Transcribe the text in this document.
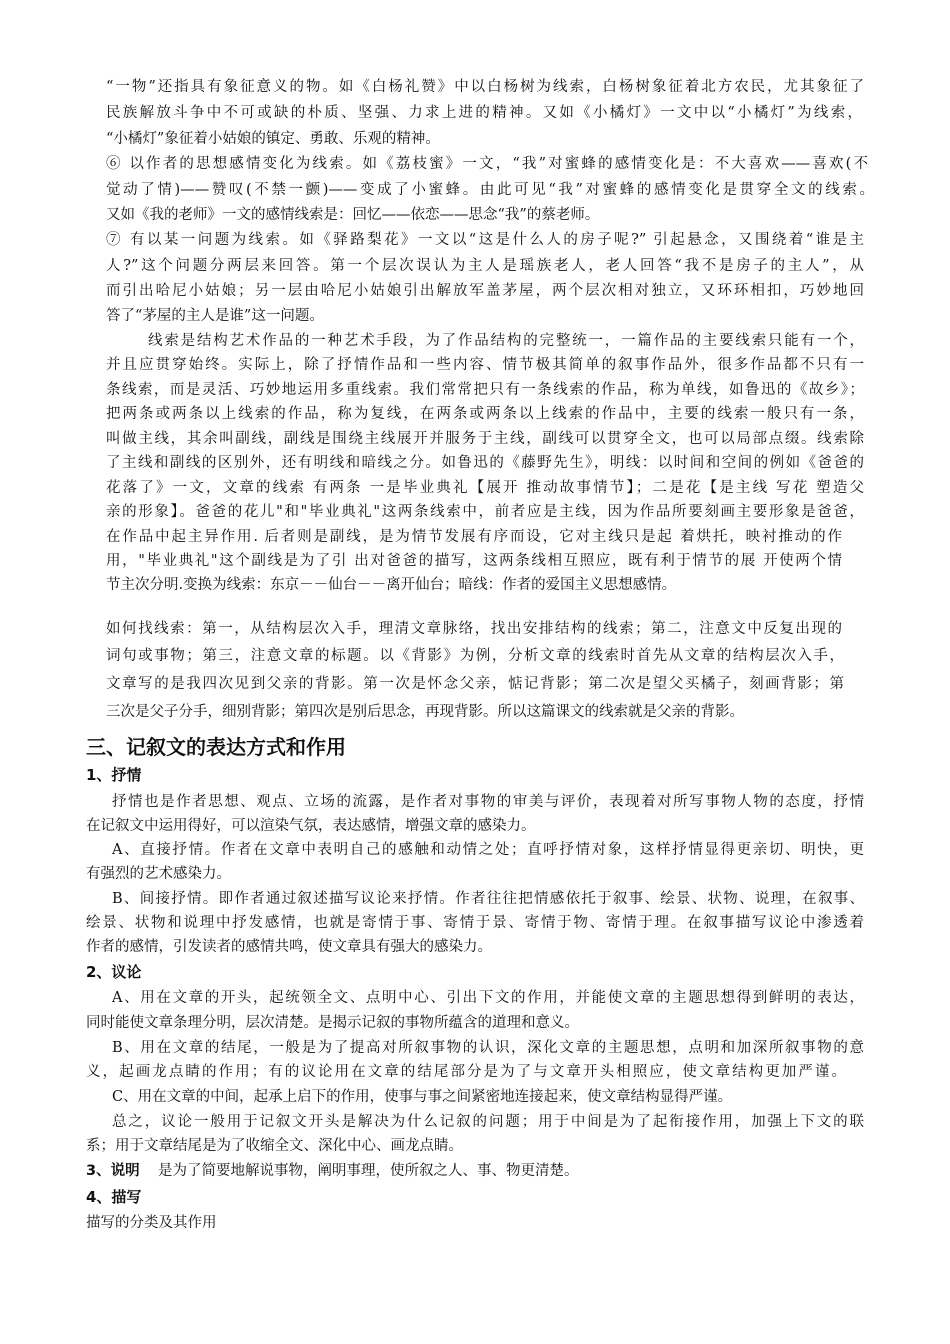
“一物”还指具有象征意义的物。如《白杨礼赞》中以白杨树为线索，白杨树象征着北方农民，尤其象征了
民族解放斗争中不可或缺的朴质、坚强、力求上进的精神。又如《小橘灯》一文中以“小橘灯”为线索，
“小橘灯”象征着小姑娘的镇定、勇敢、乐观的精神。
⑥ 以作者的思想感情变化为线索。如《荔枝蜜》一文，“我”对蜜蜂的感情变化是：不大喜欢——喜欢(不
觉动了情)——赞叹(不禁一颤)——变成了小蜜蜂。由此可见“我”对蜜蜂的感情变化是贯穿全文的线索。
又如《我的老师》一文的感情线索是：回忆——依恋——思念“我”的蔡老师。
⑦ 有以某一问题为线索。如《驿路梨花》一文以“这是什么人的房子呢?” 引起悬念，又围绕着“谁是主
人?”这个问题分两层来回答。第一个层次误认为主人是瑶族老人，老人回答“我不是房子的主人”，从
而引出哈尼小姑娘；另一层由哈尼小姑娘引出解放军盖茅屋，两个层次相对独立，又环环相扣，巧妙地回
答了“茅屋的主人是谁”这一问题。
线索是结构艺术作品的一种艺术手段，为了作品结构的完整统一，一篇作品的主要线索只能有一个，
并且应贯穿始终。实际上，除了抒情作品和一些内容、情节极其简单的叙事作品外，很多作品都不只有一
条线索，而是灵活、巧妙地运用多重线索。我们常常把只有一条线索的作品，称为单线，如鲁迅的《故乡》；
把两条或两条以上线索的作品，称为复线，在两条或两条以上线索的作品中，主要的线索一般只有一条，
叫做主线，其余叫副线，副线是围绕主线展开并服务于主线，副线可以贯穿全文，也可以局部点缀。线索除
了主线和副线的区别外，还有明线和暗线之分。如鲁迅的《藤野先生》，明线：以时间和空间的例如《爸爸的
花落了》一文，文章的线索 有两条 一是毕业典礼【展开 推动故事情节】；二是花【是主线 写花 塑造父
亲的形象】。爸爸的花儿"和"毕业典礼"这两条线索中，前者应是主线，因为作品所要刻画主要形象是爸爸，
在作品中起主异作用. 后者则是副线，是为情节发展有序而设，它对主线只是起 着烘托，映衬推动的作
用，"毕业典礼"这个副线是为了引 出对爸爸的描写，这两条线相互照应，既有利于情节的展 开使两个情
节主次分明.变换为线索：东京－－仙台－－离开仙台；暗线：作者的爱国主义思想感情。
如何找线索：第一，从结构层次入手，理清文章脉络，找出安排结构的线索；第二，注意文中反复出现的
词句或事物；第三，注意文章的标题。以《背影》为例，分析文章的线索时首先从文章的结构层次入手，
文章写的是我四次见到父亲的背影。第一次是怀念父亲，惦记背影；第二次是望父买橘子，刻画背影；第
三次是父子分手，细别背影；第四次是别后思念，再现背影。所以这篇课文的线索就是父亲的背影。
三、记叙文的表达方式和作用
1、抒情
抒情也是作者思想、观点、立场的流露，是作者对事物的审美与评价，表现着对所写事物人物的态度，抒情
在记叙文中运用得好，可以渲染气氛，表达感情，增强文章的感染力。
A、直接抒情。作者在文章中表明自己的感触和动情之处；直呼抒情对象，这样抒情显得更亲切、明快，更
有强烈的艺术感染力。
B、间接抒情。即作者通过叙述描写议论来抒情。作者往往把情感依托于叙事、绘景、状物、说理，在叙事、
绘景、状物和说理中抒发感情，也就是寄情于事、寄情于景、寄情于物、寄情于理。在叙事描写议论中渗透着
作者的感情，引发读者的感情共鸣，使文章具有强大的感染力。
2、议论
A、用在文章的开头，起统领全文、点明中心、引出下文的作用，并能使文章的主题思想得到鲜明的表达，
同时能使文章条理分明，层次清楚。是揭示记叙的事物所蕴含的道理和意义。
B、用在文章的结尾，一般是为了提高对所叙事物的认识，深化文章的主题思想，点明和加深所叙事物的意
义，起画龙点睛的作用；有的议论用在文章的结尾部分是为了与文章开头相照应，使文章结构更加严谨。
C、用在文章的中间，起承上启下的作用，使事与事之间紧密地连接起来，使文章结构显得严谨。
总之，议论一般用于记叙文开头是解决为什么记叙的问题；用于中间是为了起衔接作用，加强上下文的联
系；用于文章结尾是为了收缩全文、深化中心、画龙点睛。
3、说明 是为了简要地解说事物，阐明事理，使所叙之人、事、物更清楚。
4、描写
描写的分类及其作用
